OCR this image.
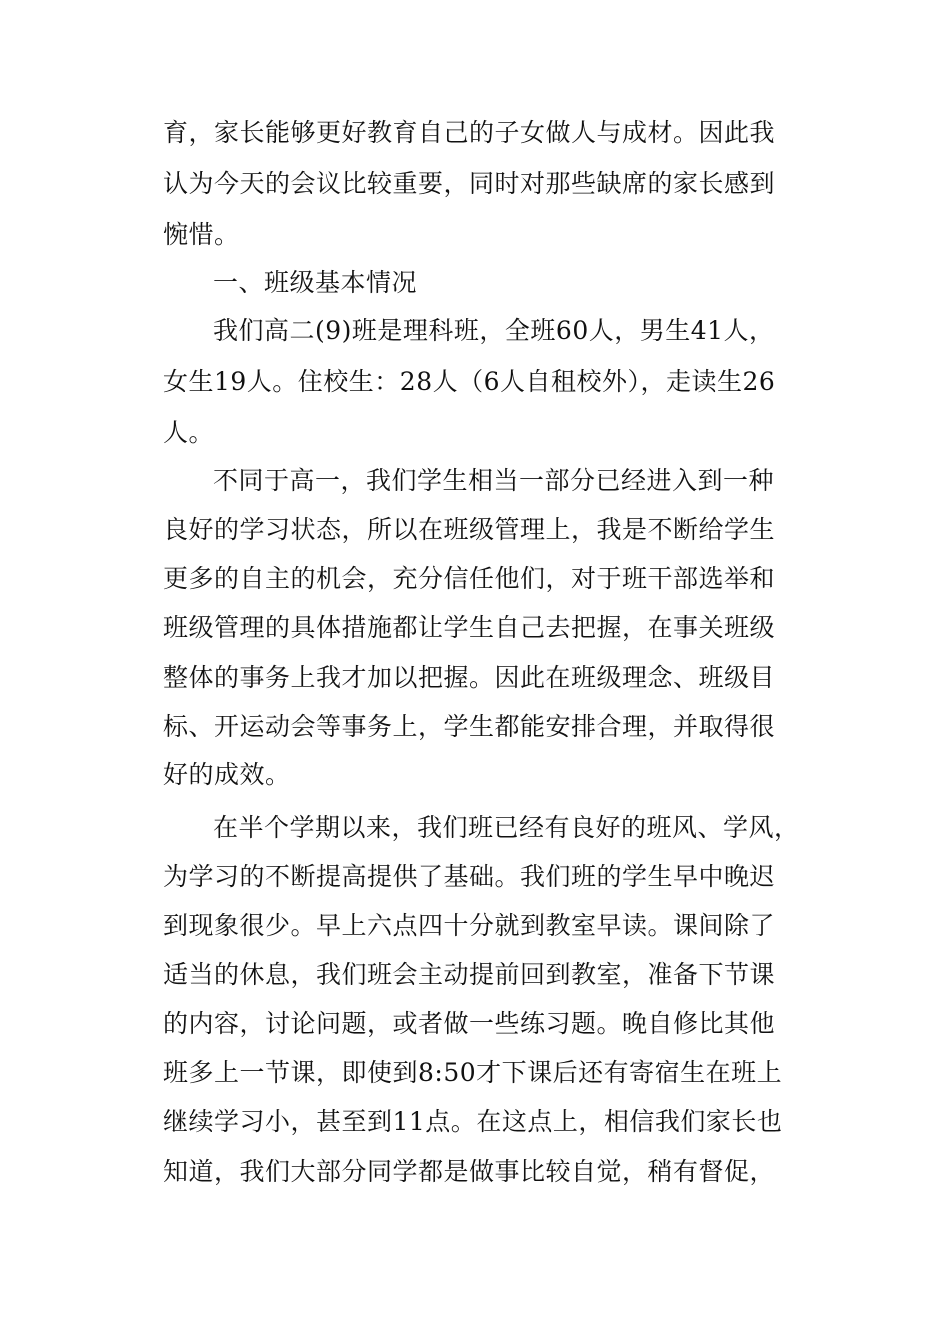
育，家长能够更好教育自己的子女做人与成材。因此我
认为今天的会议比较重要，同时对那些缺席的家长感到
惋惜。
一、班级基本情况
我们高二(9)班是理科班，全班60人，男生41人，
女生19人。住校生：28人（6人自租校外），走读生26
人。
不同于高一，我们学生相当一部分已经进入到一种
良好的学习状态，所以在班级管理上，我是不断给学生
更多的自主的机会，充分信任他们，对于班干部选举和
班级管理的具体措施都让学生自己去把握，在事关班级
整体的事务上我才加以把握。因此在班级理念、班级目
标、开运动会等事务上，学生都能安排合理，并取得很
好的成效。
在半个学期以来，我们班已经有良好的班风、学风，
为学习的不断提高提供了基础。我们班的学生早中晚迟
到现象很少。早上六点四十分就到教室早读。课间除了
适当的休息，我们班会主动提前回到教室，准备下节课
的内容，讨论问题，或者做一些练习题。晚自修比其他
班多上一节课，即使到8:50才下课后还有寄宿生在班上
继续学习小，甚至到11点。在这点上，相信我们家长也
知道，我们大部分同学都是做事比较自觉，稍有督促，
